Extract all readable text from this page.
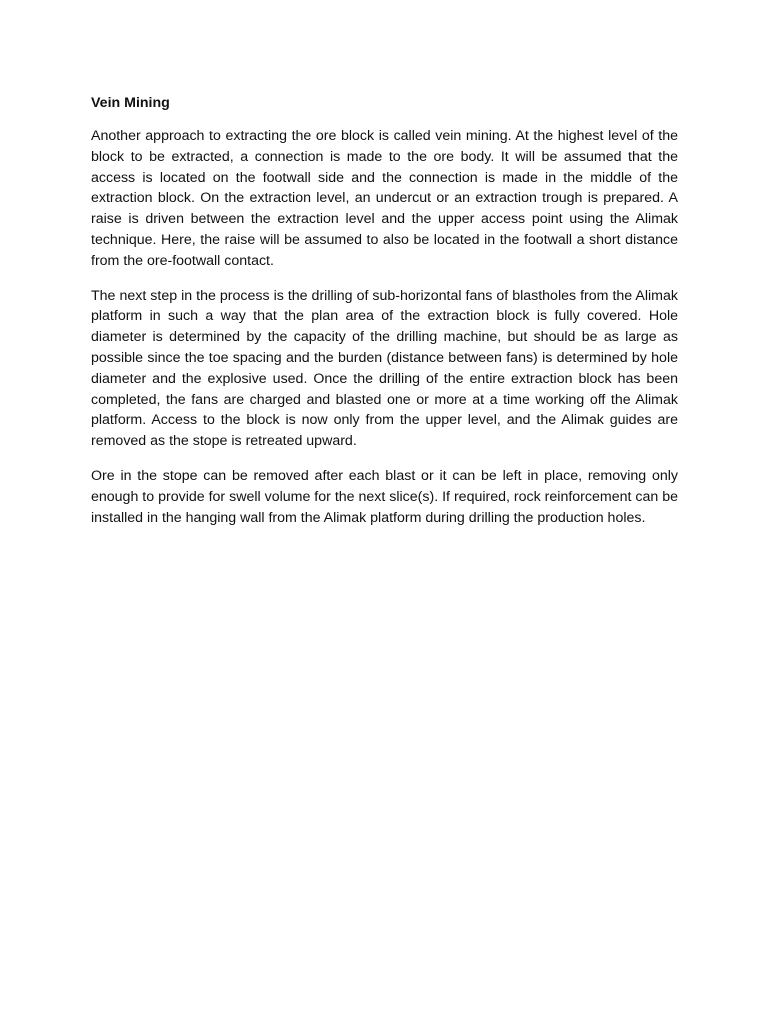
Vein Mining

Another approach to extracting the ore block is called vein mining. At the highest level of the block to be extracted, a connection is made to the ore body. It will be assumed that the access is located on the footwall side and the connection is made in the middle of the extraction block. On the extraction level, an undercut or an extraction trough is prepared. A raise is driven between the extraction level and the upper access point using the Alimak technique. Here, the raise will be assumed to also be located in the footwall a short distance from the ore-footwall contact.

The next step in the process is the drilling of sub-horizontal fans of blastholes from the Alimak platform in such a way that the plan area of the extraction block is fully covered. Hole diameter is determined by the capacity of the drilling machine, but should be as large as possible since the toe spacing and the burden (distance between fans) is determined by hole diameter and the explosive used. Once the drilling of the entire extraction block has been completed, the fans are charged and blasted one or more at a time working off the Alimak platform. Access to the block is now only from the upper level, and the Alimak guides are removed as the stope is retreated upward.

Ore in the stope can be removed after each blast or it can be left in place, removing only enough to provide for swell volume for the next slice(s). If required, rock reinforcement can be installed in the hanging wall from the Alimak platform during drilling the production holes.
